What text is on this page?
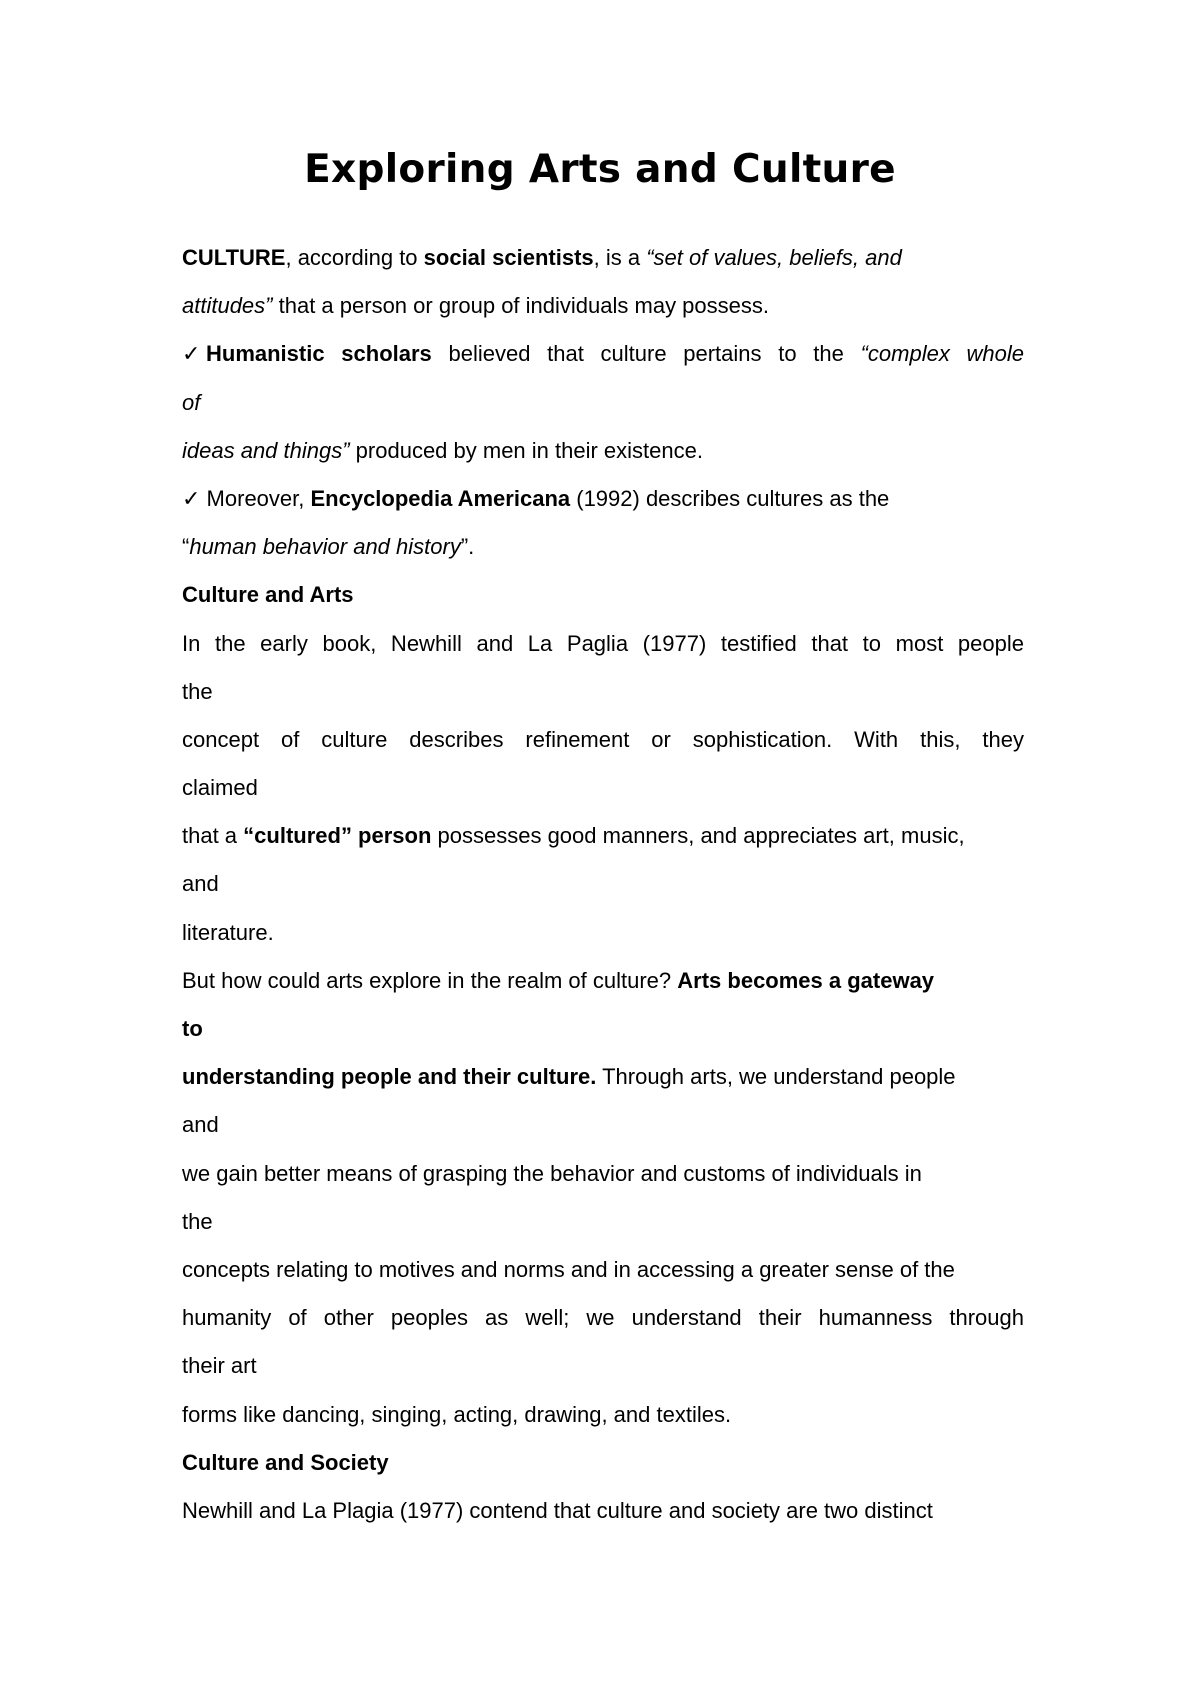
Exploring Arts and Culture
CULTURE, according to social scientists, is a “set of values, beliefs, and
attitudes” that a person or group of individuals may possess.
✓ Humanistic scholars believed that culture pertains to the “complex whole
of
ideas and things” produced by men in their existence.
✓ Moreover, Encyclopedia Americana (1992) describes cultures as the
“human behavior and history”.
Culture and Arts
In the early book, Newhill and La Paglia (1977) testified that to most people
the
concept of culture describes refinement or sophistication. With this, they
claimed
that a “cultured” person possesses good manners, and appreciates art, music,
and
literature.
But how could arts explore in the realm of culture? Arts becomes a gateway
to
understanding people and their culture. Through arts, we understand people
and
we gain better means of grasping the behavior and customs of individuals in
the
concepts relating to motives and norms and in accessing a greater sense of the
humanity of other peoples as well; we understand their humanness through
their art
forms like dancing, singing, acting, drawing, and textiles.
Culture and Society
Newhill and La Plagia (1977) contend that culture and society are two distinct
